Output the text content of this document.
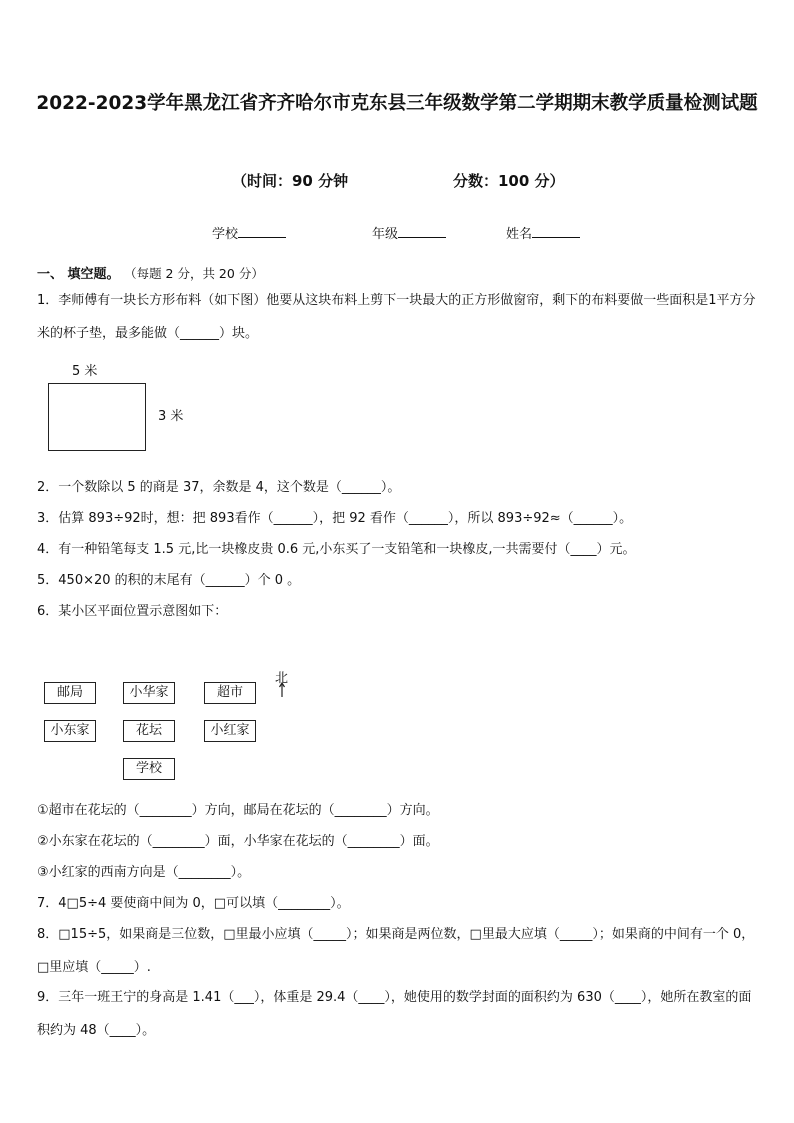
2022-2023学年黑龙江省齐齐哈尔市克东县三年级数学第二学期期末教学质量检测试题
（时间：90 分钟	分数：100 分）
学校	年级	姓名
一、 填空题。 （每题 2 分，共 20 分）
1．李师傅有一块长方形布料（如下图）他要从这块布料上剪下一块最大的正方形做窗帘，剩下的布料要做一些面积是1平方分米的杯子垫，最多能做（______）块。
5 米
3 米
2．一个数除以 5 的商是 37，余数是 4，这个数是（______）。
3．估算 893÷92时，想：把 893看作（______），把 92 看作（______），所以 893÷92≈（______）。
4．有一种铅笔每支 1.5 元,比一块橡皮贵 0.6 元,小东买了一支铅笔和一块橡皮,一共需要付（____）元。
5．450×20 的积的末尾有（______）个 0 。
6．某小区平面位置示意图如下：
邮局	小华家	超市
北
小东家	花坛	小红家
学校
①超市在花坛的（________）方向，邮局在花坛的（________）方向。
②小东家在花坛的（________）面，小华家在花坛的（________）面。
③小红家的西南方向是（________）。
7．4□5÷4 要使商中间为 0，□可以填（________）。
8．□15÷5，如果商是三位数，□里最小应填（_____）；如果商是两位数，□里最大应填（_____）；如果商的中间有一个 0，□里应填（_____）.
9．三年一班王宁的身高是 1.41（___），体重是 29.4（____），她使用的数学封面的面积约为 630（____），她所在教室的面积约为 48（____）。
